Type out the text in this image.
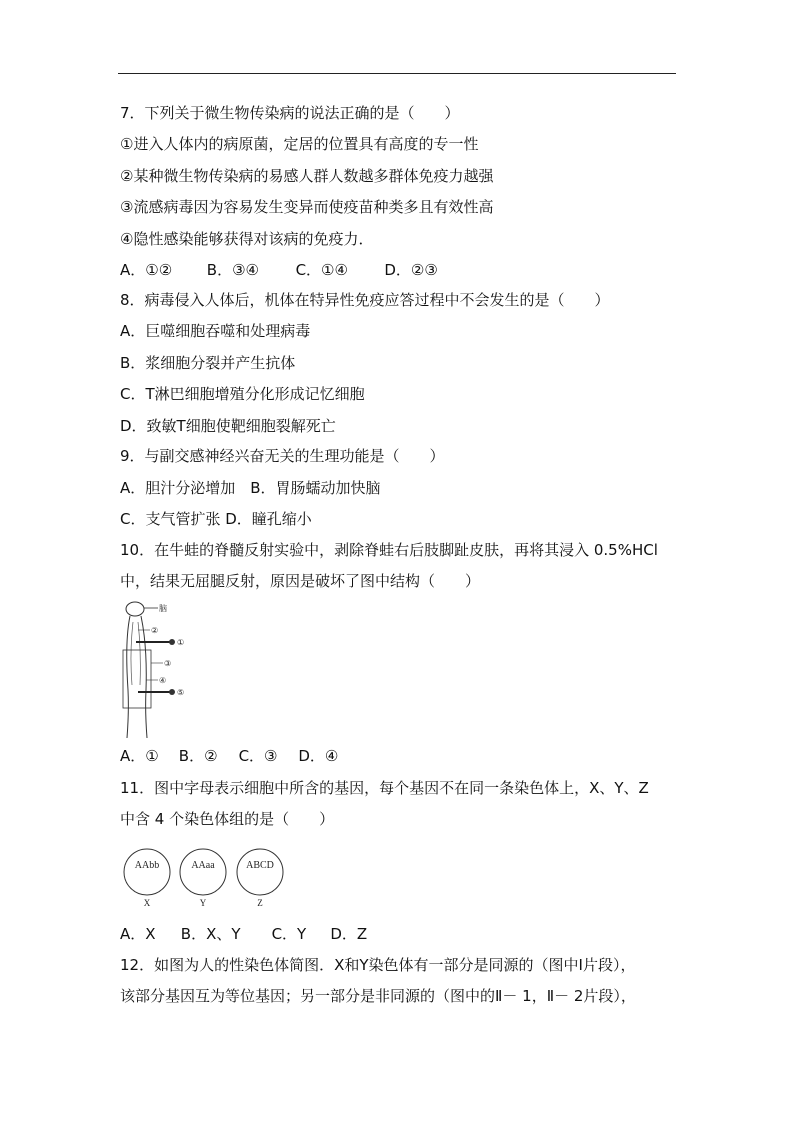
7．下列关于微生物传染病的说法正确的是（　　）
①进入人体内的病原菌，定居的位置具有高度的专一性
②某种微生物传染病的易感人群人数越多群体免疫力越强
③流感病毒因为容易发生变异而使疫苗种类多且有效性高
④隐性感染能够获得对该病的免疫力．
A．①② B．③④ C．①④ D．②③
8．病毒侵入人体后，机体在特异性免疫应答过程中不会发生的是（　　）
A．巨噬细胞吞噬和处理病毒
B．浆细胞分裂并产生抗体
C．T淋巴细胞增殖分化形成记忆细胞
D．致敏T细胞使靶细胞裂解死亡
9．与副交感神经兴奋无关的生理功能是（　　）
A．胆汁分泌增加　B．胃肠蠕动加快脑
C．支气管扩张 D．瞳孔缩小
10．在牛蛙的脊髓反射实验中，剥除脊蛙右后肢脚趾皮肤，再将其浸入 0.5%HCl
中，结果无屈腿反射，原因是破坏了图中结构（　　）
脑
②
①
③
④
⑤
A．① B．② C．③ D．④
11．图中字母表示细胞中所含的基因，每个基因不在同一条染色体上，X、Y、Z
中含 4 个染色体组的是（　　）
AAbb
X
AAaa
Y
ABCD
Z
A．X B．X、Y C．Y D．Z
12．如图为人的性染色体简图．X和Y染色体有一部分是同源的（图中Ⅰ片段），
该部分基因互为等位基因；另一部分是非同源的（图中的Ⅱ－ 1，Ⅱ－ 2片段），
